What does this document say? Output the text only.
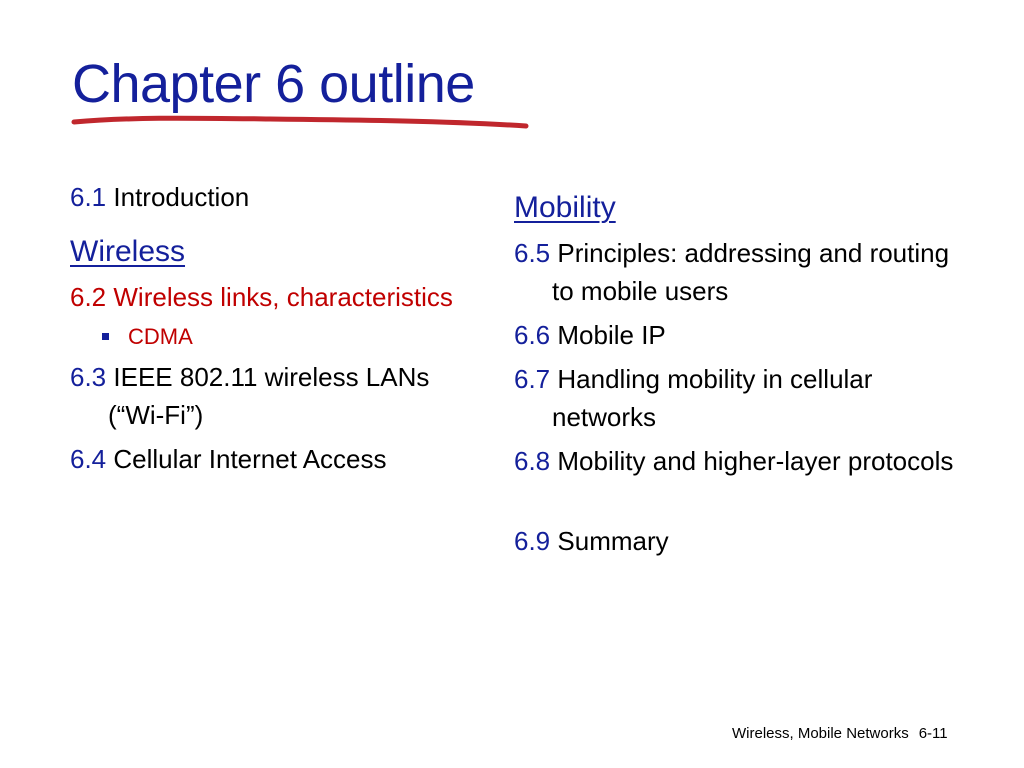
Chapter 6 outline
6.1 Introduction
Wireless
6.2 Wireless links, characteristics
CDMA
6.3 IEEE 802.11 wireless LANs (“Wi-Fi”)
6.4 Cellular Internet Access
Mobility
6.5 Principles: addressing and routing to mobile users
6.6 Mobile IP
6.7 Handling mobility in cellular networks
6.8 Mobility and higher-layer protocols
6.9 Summary
Wireless, Mobile Networks 6-11
